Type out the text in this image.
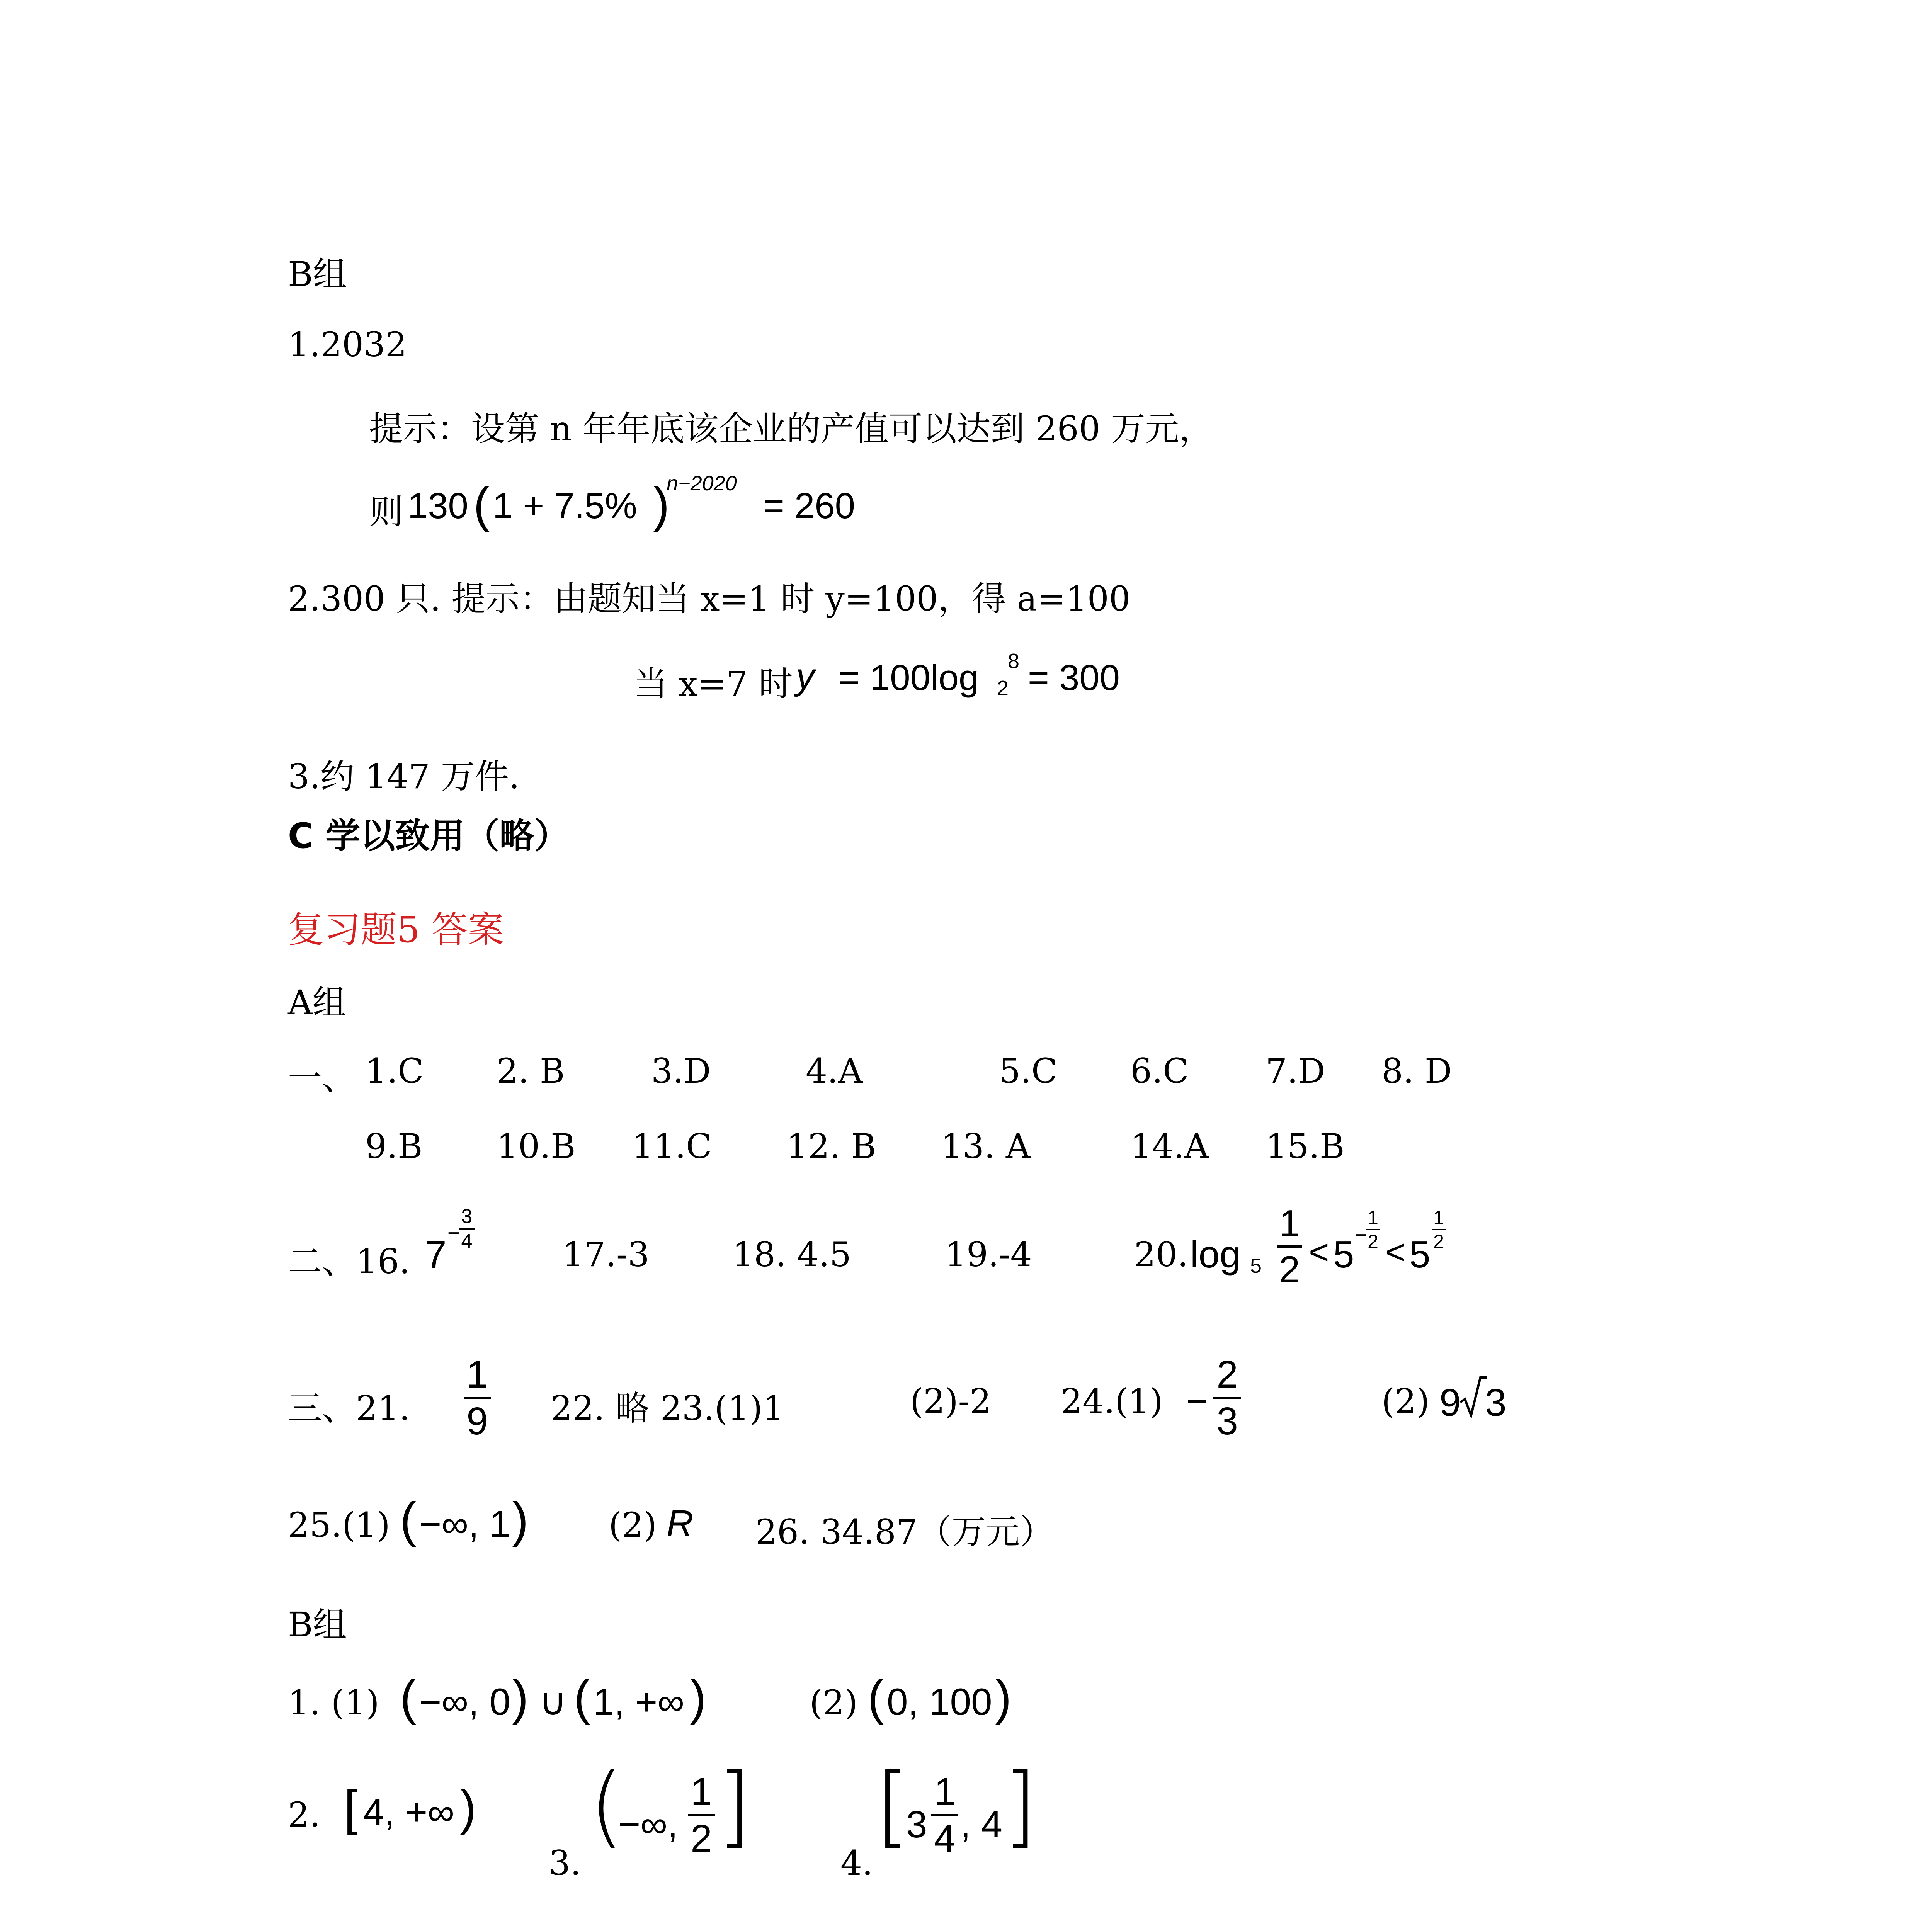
B组
1.2032
提示：设第 n 年年底该企业的产值可以达到 260 万元，
则 130 ( 1 + 7.5% )
n−2020
= 260
2.300 只. 提示：由题知当 x=1 时 y=100，得 a=100
当 x=7 时 y = 100log 2
8 = 300
3.约 147 万件.
C 学以致用（略）
复习题5 答案
A组
一、 1.C 2. B	3.D	4.A	5.C 6.C 7.D 8. D
9.B 10.B 11.C 12. B 13. A	14.A 15.B
二、16. 7 −
3
4	17.-3 18. 4.5	19.-4	20. log 5
1
2 < 5 −
1
2 < 5
1
2
三、21.
1
9 22. 略 23.(1)1	(2)-2 24.(1) −
2
3	(2) 9 3
25.(1) ( −∞, 1 ) (2) R 26. 34.87（万元）
B组
1. (1) ( −∞, 0 ) ∪ ( 1, +∞ )	(2) ( 0, 100 )
2. [ 4, +∞ )
3.
(
−∞,
1
2 ]
4.
[
3
1
4 , 4 ]
